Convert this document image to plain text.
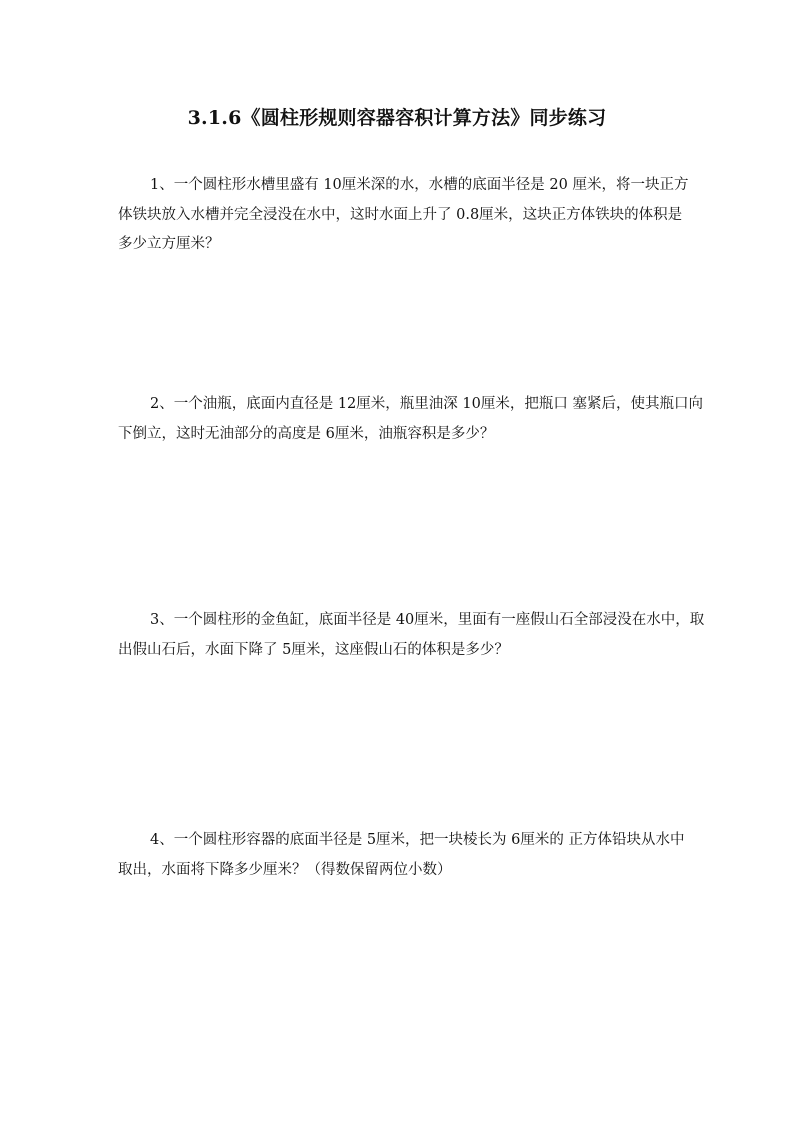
3.1.6《圆柱形规则容器容积计算方法》同步练习
1、一个圆柱形水槽里盛有 10厘米深的水，水槽的底面半径是 20 厘米，将一块正方
体铁块放入水槽并完全浸没在水中，这时水面上升了 0.8厘米，这块正方体铁块的体积是
多少立方厘米？
2、一个油瓶，底面内直径是 12厘米，瓶里油深 10厘米，把瓶口 塞紧后，使其瓶口向
下倒立，这时无油部分的高度是 6厘米，油瓶容积是多少？
3、一个圆柱形的金鱼缸，底面半径是 40厘米，里面有一座假山石全部浸没在水中，取
出假山石后，水面下降了 5厘米，这座假山石的体积是多少？
4、一个圆柱形容器的底面半径是 5厘米，把一块棱长为 6厘米的 正方体铅块从水中
取出，水面将下降多少厘米？（得数保留两位小数）
